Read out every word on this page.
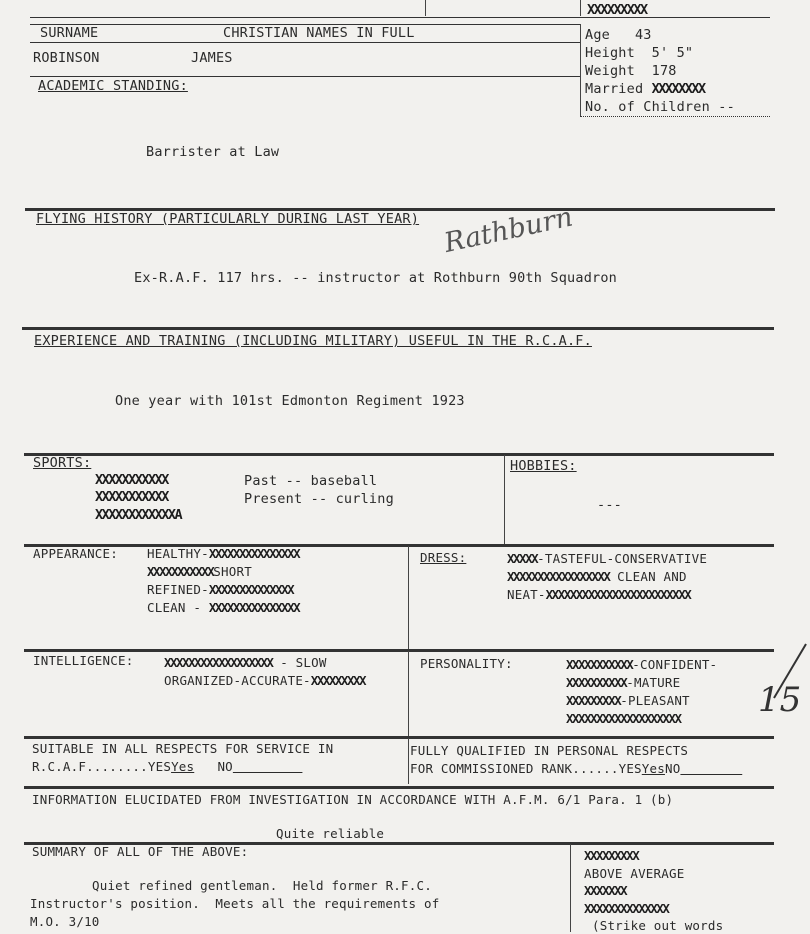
XXXXXXXXX
SURNAME	CHRISTIAN NAMES IN FULL
ROBINSON	JAMES
Age 43
Height 5' 5"
Weight 178
Married XXXXXXXX
No. of Children --
ACADEMIC STANDING:
Barrister at Law
FLYING HISTORY (PARTICULARLY DURING LAST YEAR) Rathburn
Ex-R.A.F. 117 hrs. -- instructor at Rothburn 90th Squadron
EXPERIENCE AND TRAINING (INCLUDING MILITARY) USEFUL IN THE R.C.A.F.
One year with 101st Edmonton Regiment 1923
SPORTS:
XXXXXXXXXXX
XXXXXXXXXXX
XXXXXXXXXXXXA
Past -- baseball
Present -- curling
HOBBIES:
---
APPEARANCE: HEALTHY-XXXXXXXXXXXXXXX
XXXXXXXXXXXSHORT
REFINED-XXXXXXXXXXXXXX
CLEAN - XXXXXXXXXXXXXXX
DRESS:	XXXXX-TASTEFUL-CONSERVATIVE
XXXXXXXXXXXXXXXXX CLEAN AND
NEAT-XXXXXXXXXXXXXXXXXXXXXXXX
INTELLIGENCE: XXXXXXXXXXXXXXXXXX - SLOW
ORGANIZED-ACCURATE-XXXXXXXXX
PERSONALITY:	XXXXXXXXXXX-CONFIDENT-
XXXXXXXXXX-MATURE
XXXXXXXXX-PLEASANT
XXXXXXXXXXXXXXXXXXX 15
SUITABLE IN ALL RESPECTS FOR SERVICE IN
R.C.A.F........YESYes NO
FULLY QUALIFIED IN PERSONAL RESPECTS
FOR COMMISSIONED RANK......YESYesNO
INFORMATION ELUCIDATED FROM INVESTIGATION IN ACCORDANCE WITH A.F.M. 6/1 Para. 1 (b)
Quite reliable
SUMMARY OF ALL OF THE ABOVE:
Quiet refined gentleman.  Held former R.F.C.
Instructor's position.  Meets all the requirements of
M.O. 3/10
XXXXXXXXX
ABOVE AVERAGE
XXXXXXX
XXXXXXXXXXXXXX
(Strike out words
